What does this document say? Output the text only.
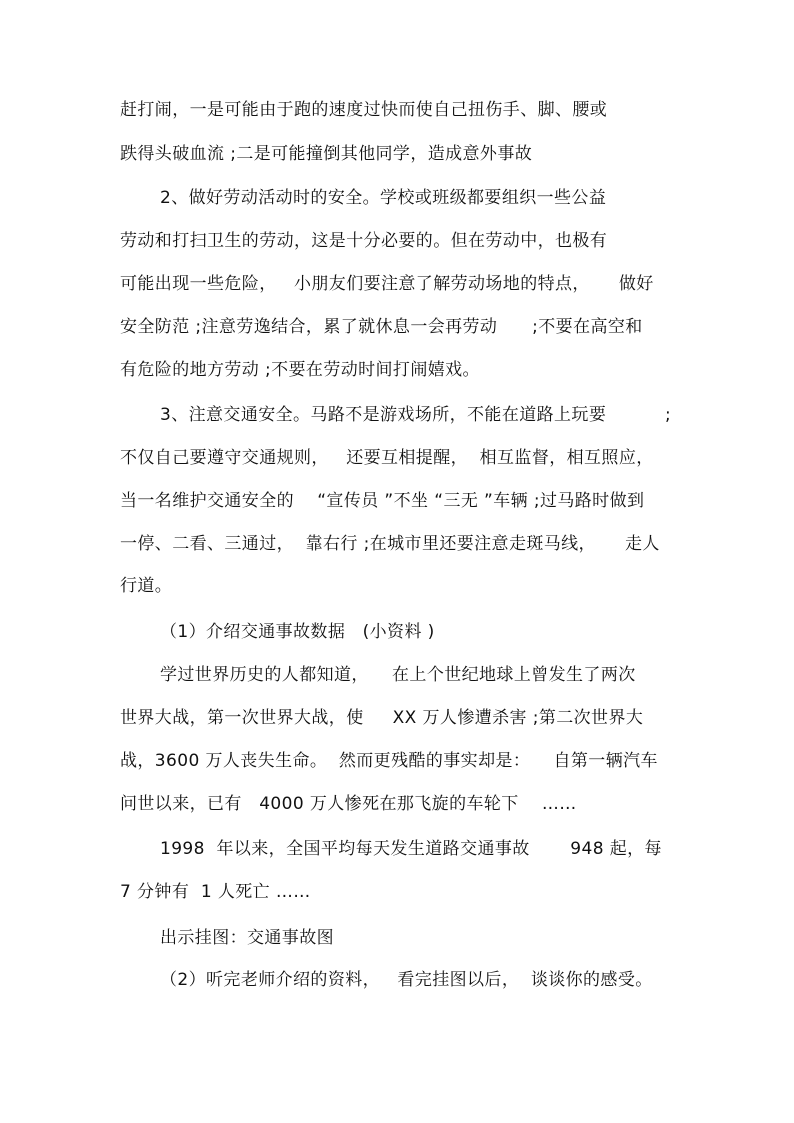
赶打闹，一是可能由于跑的速度过快而使自己扭伤手、脚、腰或
跌得头破血流 ;二是可能撞倒其他同学，造成意外事故
2、做好劳动活动时的安全。学校或班级都要组织一些公益
劳动和打扫卫生的劳动，这是十分必要的。但在劳动中，也极有
可能出现一些危险，   小朋友们要注意了解劳动场地的特点，     做好
安全防范 ;注意劳逸结合，累了就休息一会再劳动      ;不要在高空和
有危险的地方劳动 ;不要在劳动时间打闹嬉戏。
3、注意交通安全。马路不是游戏场所，不能在道路上玩要	;
不仅自己要遵守交通规则，   还要互相提醒，  相互监督，相互照应，
当一名维护交通安全的    “宣传员 ”不坐 “三无 ”车辆 ;过马路时做到
一停、二看、三通过，  靠右行 ;在城市里还要注意走斑马线，     走人
行道。
（1）介绍交通事故数据   (小资料 )
学过世界历史的人都知道，    在上个世纪地球上曾发生了两次
世界大战，第一次世界大战，使     XX 万人惨遭杀害 ;第二次世界大
战，3600 万人丧失生命。  然而更残酷的事实却是：    自第一辆汽车
问世以来，已有   4000 万人惨死在那飞旋的车轮下    ……
1998  年以来，全国平均每天发生道路交通事故       948 起，每
7 分钟有  1 人死亡 ……
出示挂图：交通事故图
（2）听完老师介绍的资料，   看完挂图以后，  谈谈你的感受。
